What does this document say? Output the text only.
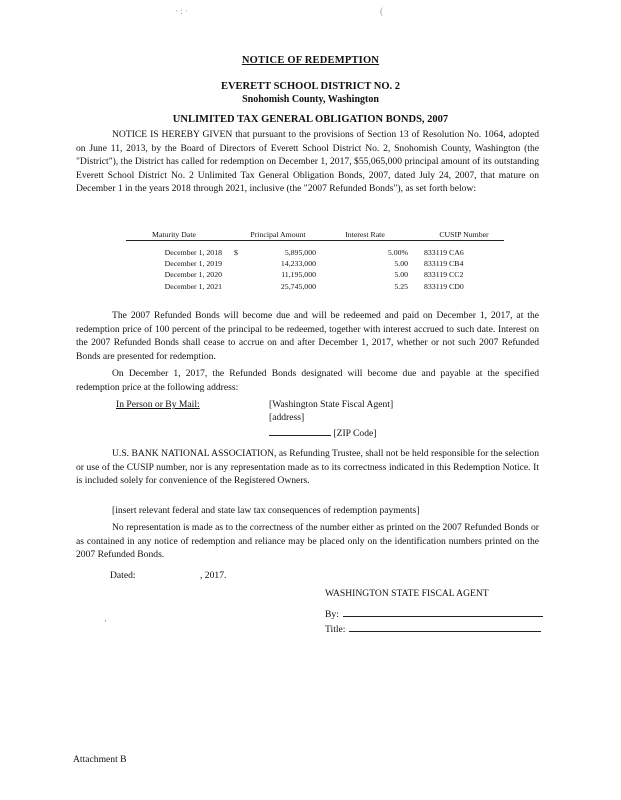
· : ·	(
NOTICE OF REDEMPTION
EVERETT SCHOOL DISTRICT NO. 2
Snohomish County, Washington
UNLIMITED TAX GENERAL OBLIGATION BONDS, 2007

NOTICE IS HEREBY GIVEN that pursuant to the provisions of Section 13 of Resolution No. 1064, adopted on June 11, 2013, by the Board of Directors of Everett School District No. 2, Snohomish County, Washington (the "District"), the District has called for redemption on December 1, 2017, $55,065,000 principal amount of its outstanding Everett School District No. 2 Unlimited Tax General Obligation Bonds, 2007, dated July 24, 2007, that mature on December 1 in the years 2018 through 2021, inclusive (the "2007 Refunded Bonds"), as set forth below:

Maturity Date	Principal Amount	Interest Rate	CUSIP Number

December 1, 2018	$ 5,895,000	5.00%	833119 CA6
December 1, 2019	14,233,000	5.00	833119 CB4
December 1, 2020	11,195,000	5.00	833119 CC2
December 1, 2021	25,745,000	5.25	833119 CD0

The 2007 Refunded Bonds will become due and will be redeemed and paid on December 1, 2017, at the redemption price of 100 percent of the principal to be redeemed, together with interest accrued to such date. Interest on the 2007 Refunded Bonds shall cease to accrue on and after December 1, 2017, whether or not such 2007 Refunded Bonds are presented for redemption.

On December 1, 2017, the Refunded Bonds designated will become due and payable at the specified redemption price at the following address:

In Person or By Mail:	[Washington State Fiscal Agent]
[address]
[ZIP Code]

U.S. BANK NATIONAL ASSOCIATION, as Refunding Trustee, shall not be held responsible for the selection or use of the CUSIP number, nor is any representation made as to its correctness indicated in this Redemption Notice. It is included solely for convenience of the Registered Owners.

[insert relevant federal and state law tax consequences of redemption payments]

No representation is made as to the correctness of the number either as printed on the 2007 Refunded Bonds or as contained in any notice of redemption and reliance may be placed only on the identification numbers printed on the 2007 Refunded Bonds.

Dated:	, 2017.
WASHINGTON STATE FISCAL AGENT
By:
Title:
·
Attachment B
